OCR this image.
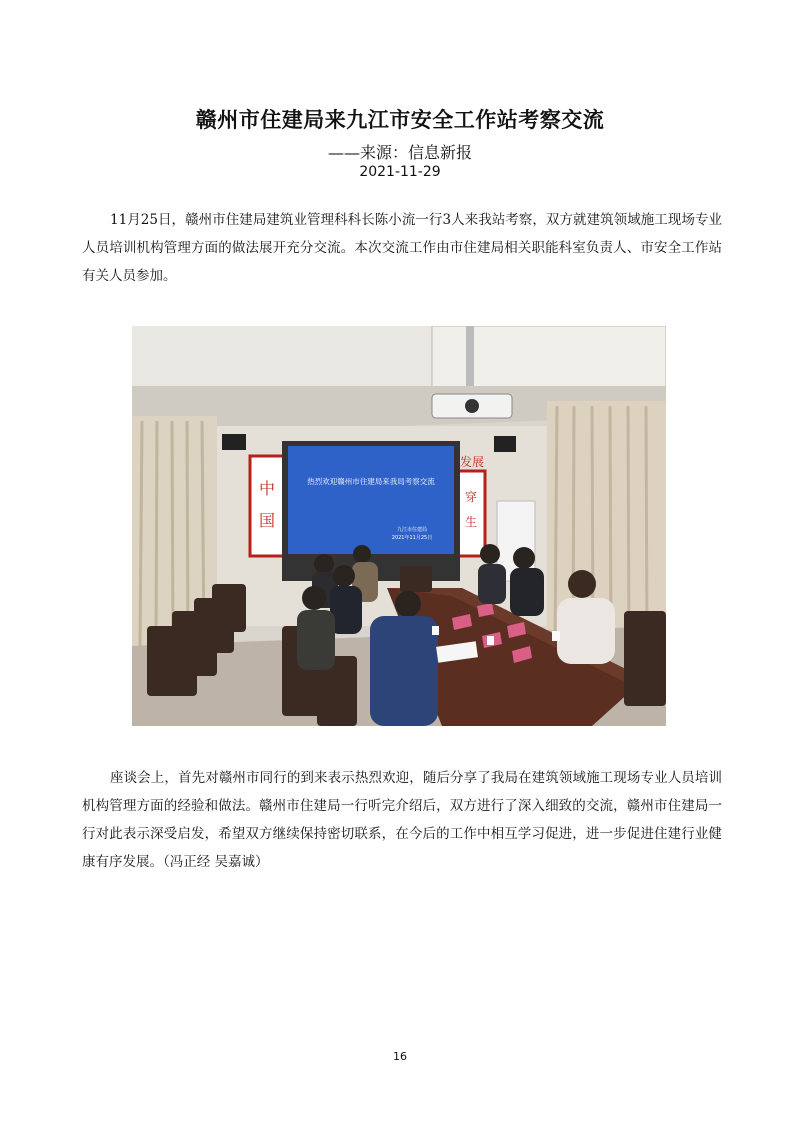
赣州市住建局来九江市安全工作站考察交流
——来源：信息新报
2021-11-29

11月25日，赣州市住建局建筑业管理科科长陈小流一行3人来我站考察，双方就建筑领域施工现场专业人员培训机构管理方面的做法展开充分交流。本次交流工作由市住建局相关职能科室负责人、市安全工作站有关人员参加。

中
国
发展
穿
生
热烈欢迎赣州市住建局来我局考察交流
九江市住建局
2021年11月25日

座谈会上，首先对赣州市同行的到来表示热烈欢迎，随后分享了我局在建筑领域施工现场专业人员培训机构管理方面的经验和做法。赣州市住建局一行听完介绍后，双方进行了深入细致的交流，赣州市住建局一行对此表示深受启发，希望双方继续保持密切联系，在今后的工作中相互学习促进，进一步促进住建行业健康有序发展。（冯正经 吴嘉诚）

16
